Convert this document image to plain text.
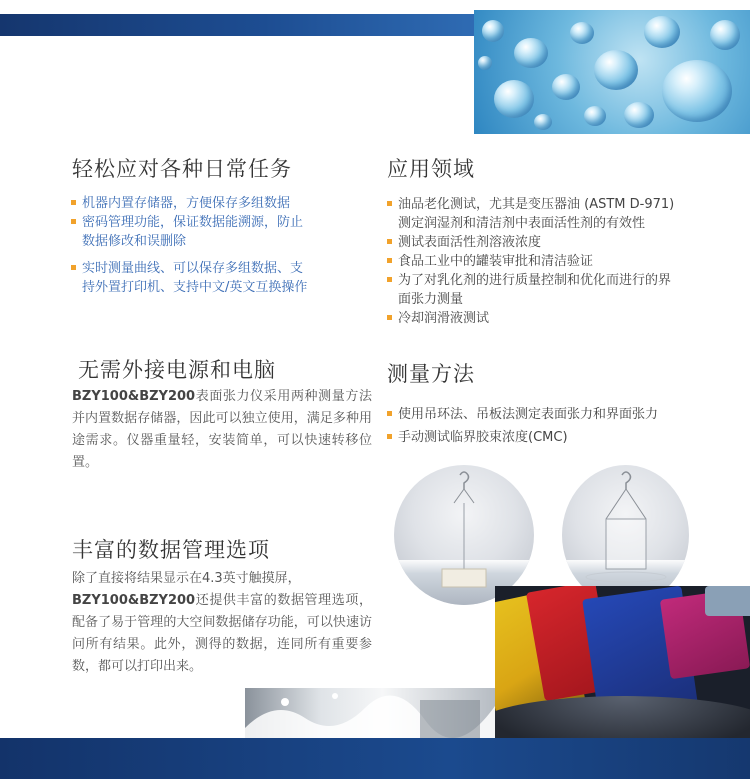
轻松应对各种日常任务
机器内置存储器，方便保存多组数据
密码管理功能，保证数据能溯源，防止数据修改和误删除
实时测量曲线、可以保存多组数据、支持外置打印机、支持中文/英文互换操作
无需外接电源和电脑
BZY100&BZY200表面张力仪采用两种测量方法并内置数据存储器，因此可以独立使用，满足多种用途需求。仪器重量轻，安装简单，可以快速转移位置。
丰富的数据管理选项
除了直接将结果显示在4.3英寸触摸屏，
BZY100&BZY200还提供丰富的数据管理选项，配备了易于管理的大空间数据储存功能，可以快速访问所有结果。此外，测得的数据，连同所有重要参数，都可以打印出来。
应用领域
油品老化测试，尤其是变压器油 (ASTM D-971) 测定润湿剂和清洁剂中表面活性剂的有效性
测试表面活性剂溶液浓度
食品工业中的罐装审批和清洁验证
为了对乳化剂的进行质量控制和优化而进行的界面张力测量
冷却润滑液测试
测量方法
使用吊环法、吊板法测定表面张力和界面张力
手动测试临界胶束浓度(CMC)
